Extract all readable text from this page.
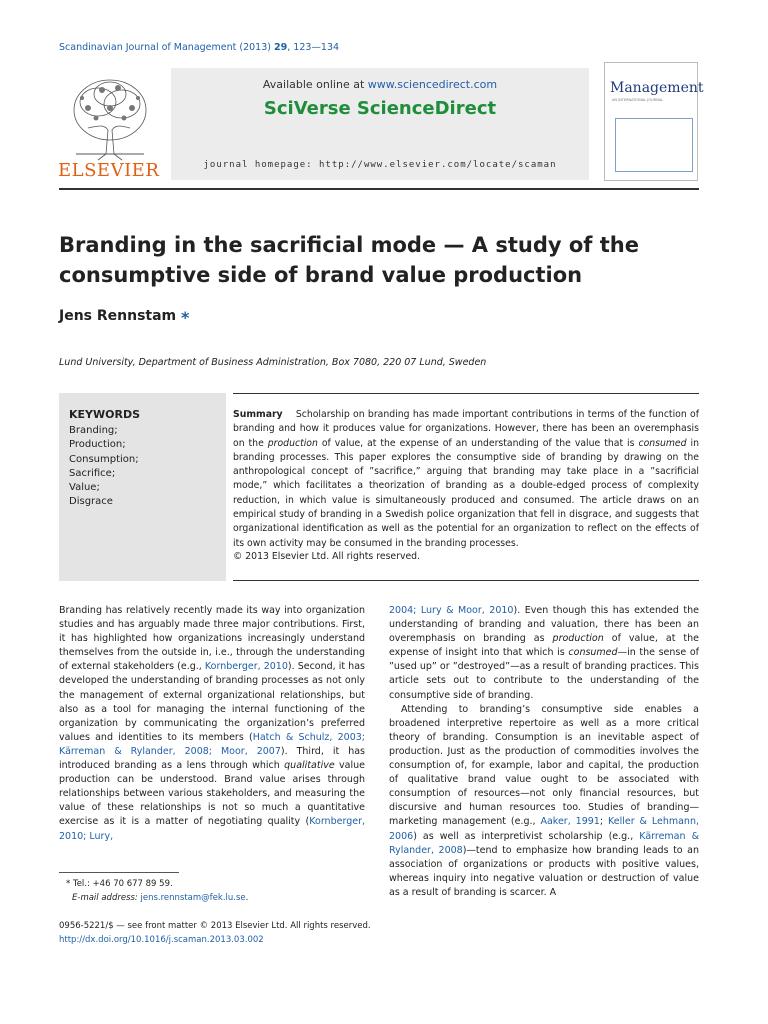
Scandinavian Journal of Management (2013) 29, 123—134
ELSEVIER
Available online at www.sciencedirect.com
SciVerse ScienceDirect
journal homepage: http://www.elsevier.com/locate/scaman
Management
AN INTERNATIONAL JOURNAL
Branding in the sacrificial mode — A study of the consumptive side of brand value production
Jens Rennstam *
Lund University, Department of Business Administration, Box 7080, 220 07 Lund, Sweden
KEYWORDS
Branding;
Production;
Consumption;
Sacrifice;
Value;
Disgrace
Summary Scholarship on branding has made important contributions in terms of the function of branding and how it produces value for organizations. However, there has been an overemphasis on the production of value, at the expense of an understanding of the value that is consumed in branding processes. This paper explores the consumptive side of branding by drawing on the anthropological concept of ”sacrifice,” arguing that branding may take place in a ”sacrificial mode,” which facilitates a theorization of branding as a double-edged process of complexity reduction, in which value is simultaneously produced and consumed. The article draws on an empirical study of branding in a Swedish police organization that fell in disgrace, and suggests that organizational identification as well as the potential for an organization to reflect on the effects of its own activity may be consumed in the branding processes.
© 2013 Elsevier Ltd. All rights reserved.
Branding has relatively recently made its way into organization studies and has arguably made three major contributions. First, it has highlighted how organizations increasingly understand themselves from the outside in, i.e., through the understanding of external stakeholders (e.g., Kornberger, 2010). Second, it has developed the understanding of branding processes as not only the management of external organizational relationships, but also as a tool for managing the internal functioning of the organization by communicating the organization’s preferred values and identities to its members (Hatch & Schulz, 2003; Kärreman & Rylander, 2008; Moor, 2007). Third, it has introduced branding as a lens through which qualitative value production can be understood. Brand value arises through relationships between various stakeholders, and measuring the value of these relationships is not so much a quantitative exercise as it is a matter of negotiating quality (Kornberger, 2010; Lury,
2004; Lury & Moor, 2010). Even though this has extended the understanding of branding and valuation, there has been an overemphasis on branding as production of value, at the expense of insight into that which is consumed—in the sense of ”used up” or ”destroyed”—as a result of branding practices. This article sets out to contribute to the understanding of the consumptive side of branding.
Attending to branding’s consumptive side enables a broadened interpretive repertoire as well as a more critical theory of branding. Consumption is an inevitable aspect of production. Just as the production of commodities involves the consumption of, for example, labor and capital, the production of qualitative brand value ought to be associated with consumption of resources—not only financial resources, but discursive and human resources too. Studies of branding—marketing management (e.g., Aaker, 1991; Keller & Lehmann, 2006) as well as interpretivist scholarship (e.g., Kärreman & Rylander, 2008)—tend to emphasize how branding leads to an association of organizations or products with positive values, whereas inquiry into negative valuation or destruction of value as a result of branding is scarcer. A
* Tel.: +46 70 677 89 59.
E-mail address: jens.rennstam@fek.lu.se.
0956-5221/$ — see front matter © 2013 Elsevier Ltd. All rights reserved.
http://dx.doi.org/10.1016/j.scaman.2013.03.002
